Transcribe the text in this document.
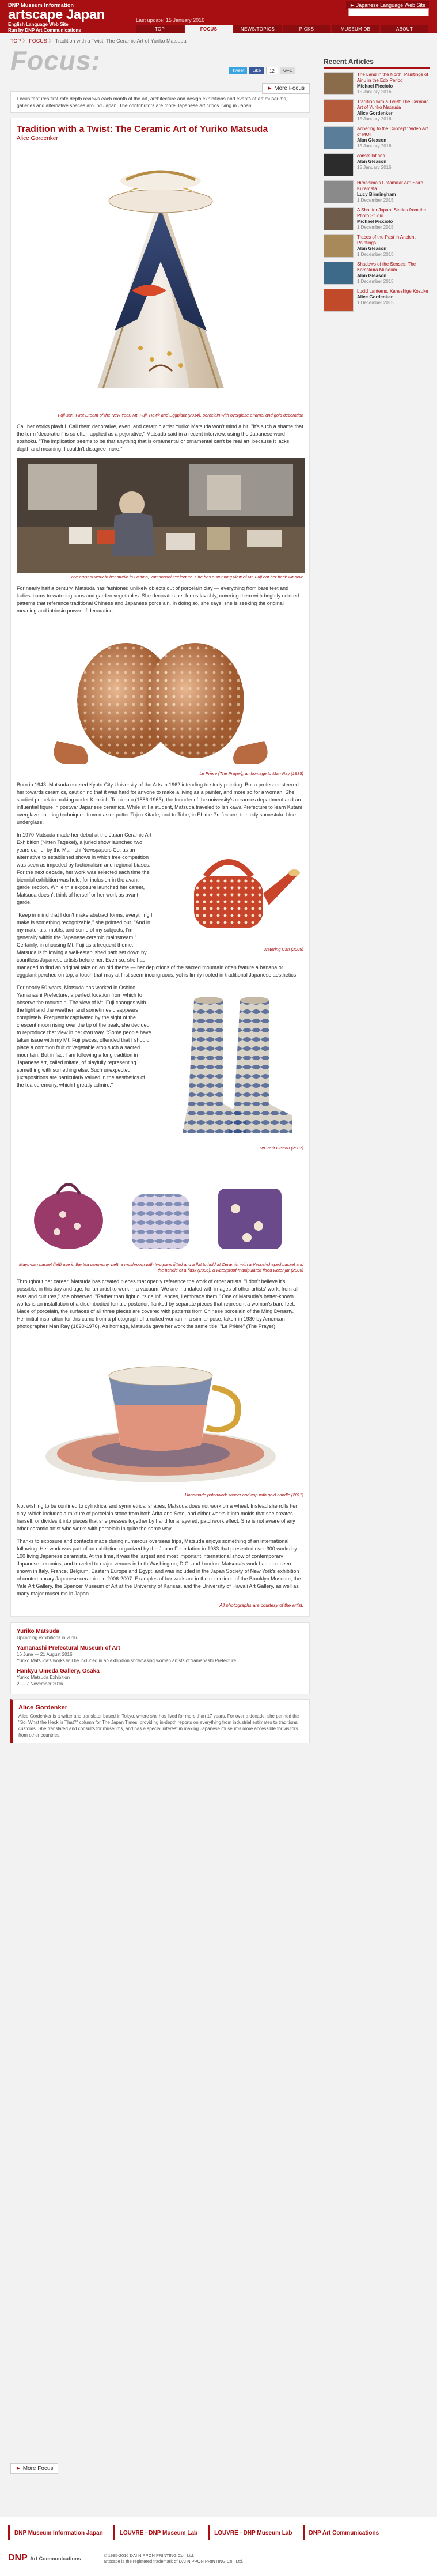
DNP Museum Information
artscape Japan
English Language Web Site
Run by DNP Art Communications
Last update: 15 January 2016
► Japanese Language Web Site
TOP	FOCUS	NEWS/TOPICS	PICKS	MUSEUM DB	ABOUT
TOP 》 FOCUS 》 Tradition with a Twist: The Ceramic Art of Yuriko Matsuda
Focus:	Tweet	Like	12	G+1
► More Focus
Focus features first-rate depth reviews each month of the art, architecture and design exhibitions and events of art museums, galleries and alternative spaces around Japan. The contributors are more Japanese art critics living in Japan.
Tradition with a Twist: The Ceramic Art of Yuriko Matsuda
Alice Gordenker
Fuji-san: First Dream of the New Year: Mt. Fuji, Hawk and Eggplant (2014), porcelain with overglaze enamel and gold decoration

Call her works playful. Call them decorative, even, and ceramic artist Yuriko Matsuda won't mind a bit. "It's such a shame that the term 'decoration' is so often applied as a pejorative," Matsuda said in a recent interview, using the Japanese word soshoku. "The implication seems to be that anything that is ornamental or ornamental can't be real art, because it lacks depth and meaning. I couldn't disagree more."

The artist at work in her studio in Oshino, Yamanashi Prefecture. She has a stunning view of Mt. Fuji out her back window.

For nearly half a century, Matsuda has fashioned unlikely objects out of porcelain clay — everything from bare feet and ladies' bums to watering cans and garden vegetables. She decorates her forms lavishly, covering them with brightly colored patterns that reference traditional Chinese and Japanese porcelain. In doing so, she says, she is seeking the original meaning and intrinsic power of decoration.

Le Prière (The Prayer), an homage to Man Ray (1935)

Born in 1943, Matsuda entered Kyoto City University of the Arts in 1962 intending to study painting. But a professor steered her towards ceramics, cautioning that it was hard for anyone to make a living as a painter, and more so for a woman. She studied porcelain making under Kenkichi Tomimoto (1886-1963), the founder of the university's ceramics department and an influential figure in postwar Japanese ceramics. While still a student, Matsuda traveled to Ishikawa Prefecture to learn Kutani overglaze painting techniques from master potter Tojiro Kitade, and to Tobe, in Ehime Prefecture, to study somestuke blue underglaze.

Watering Can (2005)

In 1970 Matsuda made her debut at the Japan Ceramic Art Exhibition (Nitten Tagekei), a juried show launched two years earlier by the Mainichi Newspapers Co. as an alternative to established shows in which free competition was seen as impeded by factionalism and regional biases. For the next decade, her work was selected each time the biennial exhibition was held, for inclusion in the avant-garde section. While this exposure launched her career, Matsuda doesn't think of herself or her work as avant-garde.

"Keep in mind that I don't make abstract forms; everything I make is something recognizable," she pointed out. "And in my materials, motifs, and some of my subjects, I'm generally within the Japanese ceramic mainstream." Certainly, in choosing Mt. Fuji as a frequent theme, Matsuda is following a well-established path set down by countless Japanese artists before her. Even so, she has managed to find an original take on an old theme — her depictions of the sacred mountain often feature a banana or eggplant perched on top, a touch that may at first seem incongruous, yet is firmly rooted in traditional Japanese aesthetics.

Un Petit Oiseau (2007)

For nearly 50 years, Matsuda has worked in Oshino, Yamanashi Prefecture, a perfect location from which to observe the mountain. The view of Mt. Fuji changes with the light and the weather, and sometimes disappears completely. Frequently captivated by the sight of the crescent moon rising over the tip of the peak, she decided to reproduce that view in her own way. "Some people have taken issue with my Mt. Fuji pieces, offended that I should place a common fruit or vegetable atop such a sacred mountain. But in fact I am following a long tradition in Japanese art, called mitate, of playfully representing something with something else. Such unexpected juxtapositions are particularly valued in the aesthetics of the tea ceremony, which I greatly admire."

Mayu-san basket (left) use in the tea ceremony. Left, a mushroom with two pans fitted and a flat to hold at Ceramic, with a Vessel-shaped basket and the handle of a flask (2006), a waterproof-manipulated fitted water jar (2006)

Throughout her career, Matsuda has created pieces that openly reference the work of other artists. "I don't believe it's possible, in this day and age, for an artist to work in a vacuum. We are inundated with images of other artists' work, from all eras and cultures," she observed. "Rather than fight outside influences, I embrace them." One of Matsuda's better-known works is an installation of a disembodied female posterior, flanked by separate pieces that represent a woman's bare feet. Made of porcelain, the surfaces of all three pieces are covered with patterns from Chinese porcelain of the Ming Dynasty. Her initial inspiration for this came from a photograph of a naked woman in a similar pose, taken in 1930 by American photographer Man Ray (1890-1976). As homage, Matsuda gave her work the same title: "Le Prière" (The Prayer).

Handmade patchwork saucer and cup with gold handle (2011)

Not wishing to be confined to cylindrical and symmetrical shapes, Matsuda does not work on a wheel. Instead she rolls her clay, which includes a mixture of porcelain stone from both Arita and Seto, and either works it into molds that she creates herself, or divides it into pieces that she presses together by hand for a layered, patchwork effect. She is not aware of any other ceramic artist who works with porcelain in quite the same way.

Thanks to exposure and contacts made during numerous overseas trips, Matsuda enjoys something of an international following. Her work was part of an exhibition organized by the Japan Foundation in 1983 that presented over 300 works by 100 living Japanese ceramists. At the time, it was the largest and most important international show of contemporary Japanese ceramics, and traveled to major venues in both Washington, D.C. and London. Matsuda's work has also been shown in Italy, France, Belgium, Eastern Europe and Egypt, and was included in the Japan Society of New York's exhibition of contemporary Japanese ceramics in 2006-2007. Examples of her work are in the collections of the Brooklyn Museum, the Yale Art Gallery, the Spencer Museum of Art at the University of Kansas, and the University of Hawaii Art Gallery, as well as many major museums in Japan.

All photographs are courtesy of the artist.
Yuriko Matsuda
Upcoming exhibitions in 2016
Yamanashi Prefectural Museum of Art
16 June — 21 August 2016
Yuriko Matsuda's works will be included in an exhibition showcasing women artists of Yamanashi Prefecture.
Hankyu Umeda Gallery, Osaka
Yuriko Matsuda Exhibition
2 — 7 November 2016
Alice Gordenker
Alice Gordenker is a writer and translator based in Tokyo, where she has lived for more than 17 years. For over a decade, she penned the "So, What the Heck Is That?" column for The Japan Times, providing in-depth reports on everything from industrial estimates to traditional customs. She translated and consults for museums, and has a special interest in making Japanese museums more accessible for visitors from other countries.
► More Focus
Recent Articles
The Land in the North: Paintings of Ainu in the Edo Period
Michael Picciolo
15 January 2016
Tradition with a Twist: The Ceramic Art of Yuriko Matsuda
Alice Gordenker
15 January 2016
Adhering to the Concept: Video Art of MOT
Alan Gleason
15 January 2016
constellations
Alan Gleason
15 January 2016
Hiroshima's Unfamiliar Art: Shiro Kuramata
Lucy Birmingham
1 December 2015
A Shot for Japan: Stories from the Photo Studio
Michael Picciolo
1 December 2015
Traces of the Past in Ancient Paintings
Alan Gleason
1 December 2015
Shadows of the Senses: The Kamakura Museum
Alan Gleason
1 December 2015
Lucid Lanterns, Kaneshige Kosuke
Alice Gordenker
1 December 2015
DNP Museum Information Japan	LOUVRE - DNP Museum Lab	LOUVRE - DNP Museum Lab	DNP Art Communications
DNP Art Communications
© 1995-2016 DAI NIPPON PRINTING Co., Ltd.
artscape is the registered trademark of DAI NIPPON PRINTING Co., Ltd.
